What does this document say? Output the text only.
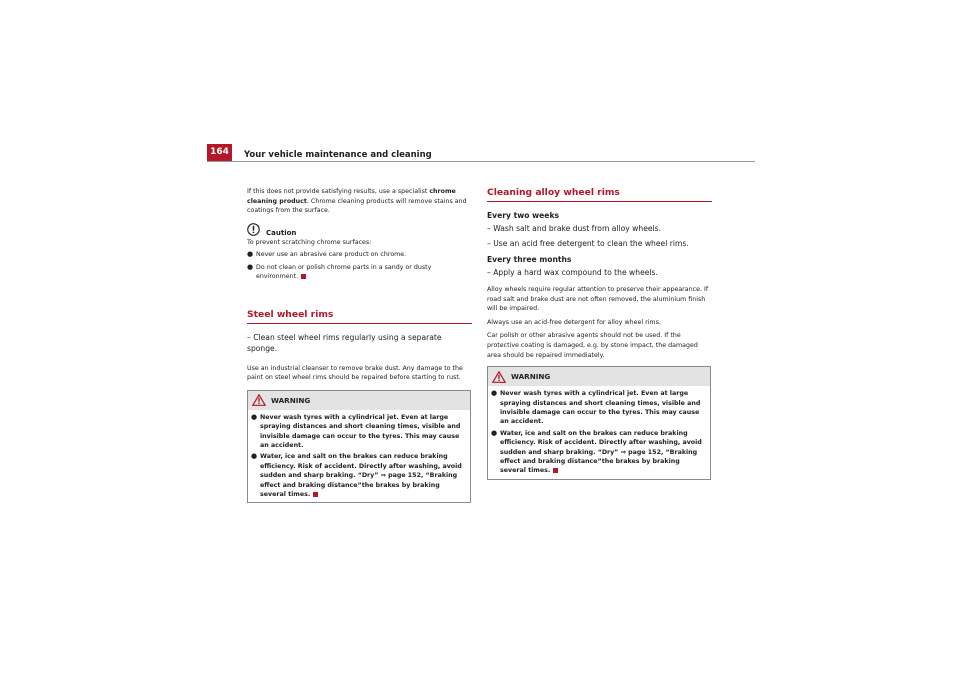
164	Your vehicle maintenance and cleaning

If this does not provide satisfying results, use a specialist chrome cleaning product. Chrome cleaning products will remove stains and coatings from the surface.

Caution

To prevent scratching chrome surfaces:

● Never use an abrasive care product on chrome.
● Do not clean or polish chrome parts in a sandy or dusty environment.
Steel wheel rims

– Clean steel wheel rims regularly using a separate sponge.

Use an industrial cleanser to remove brake dust. Any damage to the paint on steel wheel rims should be repaired before starting to rust.

WARNING
● Never wash tyres with a cylindrical jet. Even at large spraying distances and short cleaning times, visible and invisible damage can occur to the tyres. This may cause an accident.
● Water, ice and salt on the brakes can reduce braking efficiency. Risk of accident. Directly after washing, avoid sudden and sharp braking. “Dry” ⇒ page 152, “Braking effect and braking distance”the brakes by braking several times.
Cleaning alloy wheel rims

Every two weeks

– Wash salt and brake dust from alloy wheels.

– Use an acid free detergent to clean the wheel rims.

Every three months

– Apply a hard wax compound to the wheels.

Alloy wheels require regular attention to preserve their appearance. If road salt and brake dust are not often removed, the aluminium finish will be impaired.

Always use an acid-free detergent for alloy wheel rims.

Car polish or other abrasive agents should not be used. If the protective coating is damaged, e.g. by stone impact, the damaged area should be repaired immediately.

WARNING
● Never wash tyres with a cylindrical jet. Even at large spraying distances and short cleaning times, visible and invisible damage can occur to the tyres. This may cause an accident.
● Water, ice and salt on the brakes can reduce braking efficiency. Risk of accident. Directly after washing, avoid sudden and sharp braking. “Dry” ⇒ page 152, “Braking effect and braking distance”the brakes by braking several times.
